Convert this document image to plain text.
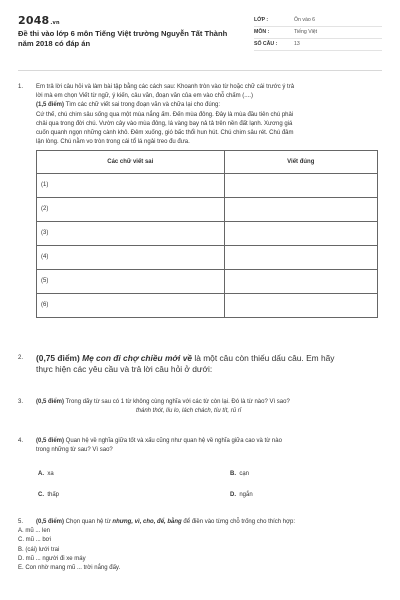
2048.vn
Đề thi vào lớp 6 môn Tiếng Việt trường Nguyễn Tất Thành năm 2018 có đáp án
LỚP :	Ôn vào 6
MÔN :	Tiếng Việt
SỐ CÂU :	13
1. Em trả lời câu hỏi và làm bài tập bằng các cách sau: Khoanh tròn vào từ hoặc chữ cái trước ý trả
lời mà em chọn Viết từ ngữ, ý kiến, câu văn, đoạn văn của em vào chỗ chấm (....)
(1,5 điểm) Tìm các chữ viết sai trong đoạn văn và chữa lại cho đúng:
Cứ thế, chú chim sâu sống qua một mùa nắng ấm. Đến mùa đông. Đây là mùa đầu tiên chú phải
chải qua trong đời chú. Vườn cây vào mùa đông, lá vàng bay nả tả trên nền đất lạnh. Xương giá
cuốn quanh ngọn những cành khô. Đêm xuống, gió bấc thổi hun hút. Chú chim sâu rét. Chú đâm
lận lòng. Chú nằm vo tròn trong cái tổ lá ngải treo đu đưa.
Các chữ viết sai	Viết đúng
(1)	
(2)	
(3)	
(4)	
(5)	
(6)	
2. (0,75 điểm) Mẹ con đi chợ chiều mới về là một câu còn thiếu dấu câu. Em hãy
thực hiện các yêu cầu và trả lời câu hỏi ở dưới:
3. (0,5 điểm) Trong dãy từ sau có 1 từ không cùng nghĩa với các từ còn lại. Đó là từ nào? Vì sao?
thánh thót, líu lo, lách chách, tíu tít, rủ rỉ
4. (0,5 điểm) Quan hệ về nghĩa giữa tốt và xấu cũng như quan hệ về nghĩa giữa cao và từ nào
trong những từ sau? Vì sao?
A. xa	B. cạn
C. thấp	D. ngắn
5. (0,5 điểm) Chọn quan hệ từ nhưng, vì, cho, để, bằng để điền vào từng chỗ trống cho thích hợp:
A. mũ ... len
C. mũ ... bơi
B. (cái) lưới trai
D. mũ ... người đi xe máy
E. Con nhờ mang mũ ... trời nắng đấy.
